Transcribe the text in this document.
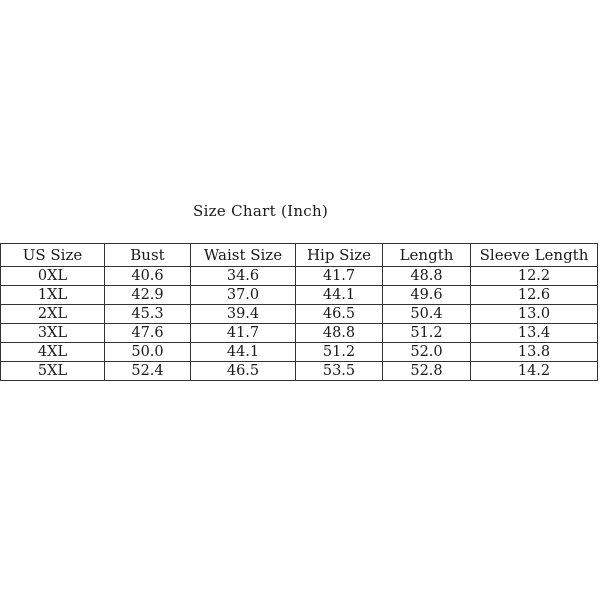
Size Chart (Inch)
US Size	Bust	Waist Size	Hip Size	Length	Sleeve Length
0XL	40.6	34.6	41.7	48.8	12.2
1XL	42.9	37.0	44.1	49.6	12.6
2XL	45.3	39.4	46.5	50.4	13.0
3XL	47.6	41.7	48.8	51.2	13.4
4XL	50.0	44.1	51.2	52.0	13.8
5XL	52.4	46.5	53.5	52.8	14.2
